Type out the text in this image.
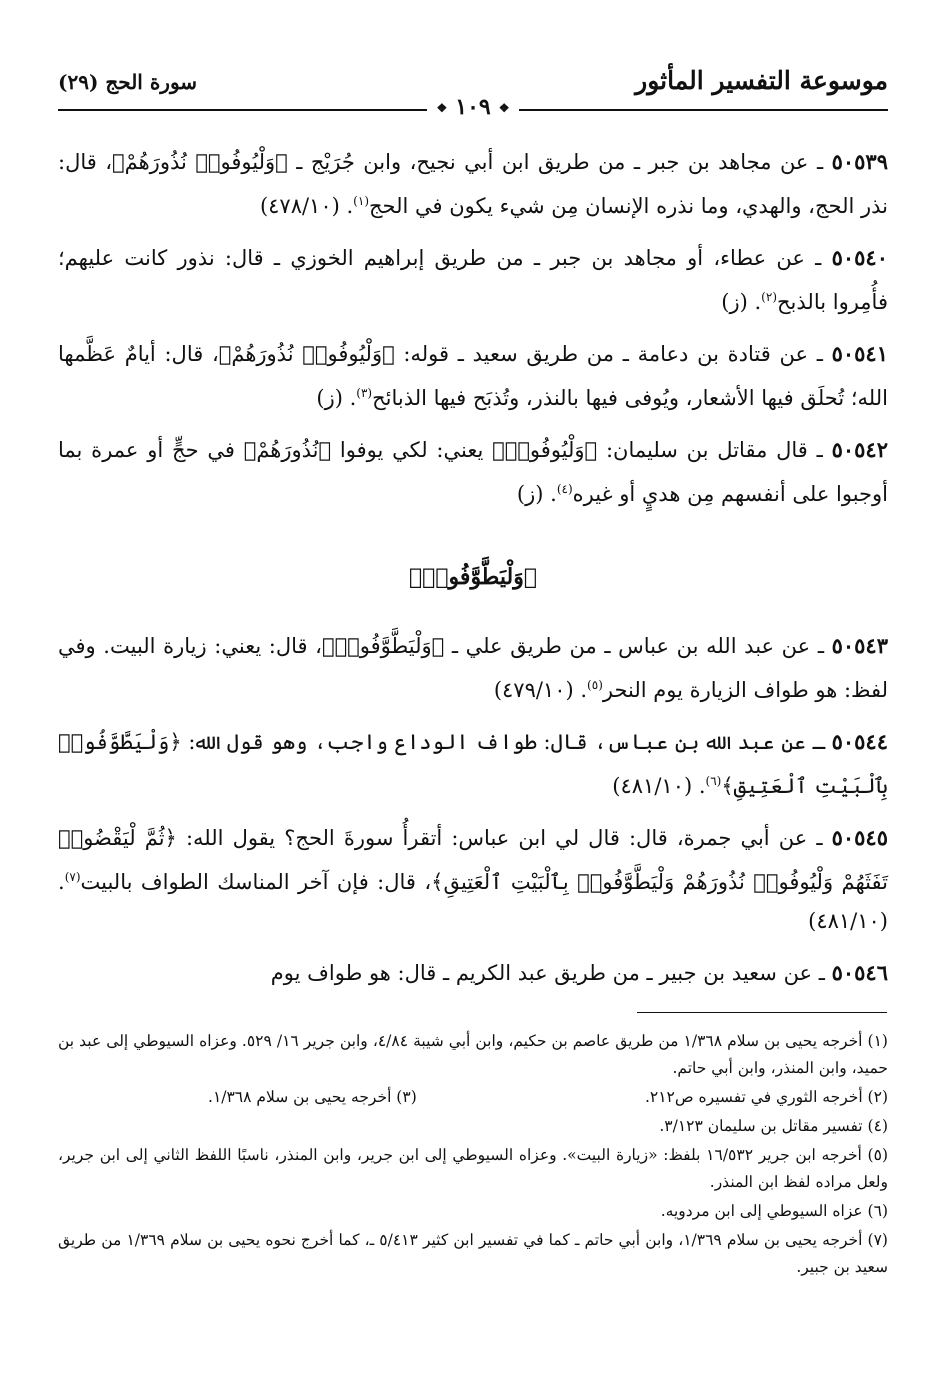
موسوعة التفسير المأثور
سورة الحج (٢٩)
❖ ١٠٩ ❖

٥٠٥٣٩ ـ عن مجاهد بن جبر ـ من طريق ابن أبي نجيح، وابن جُرَيْج ـ ﴿وَلْيُوفُوا۟ نُذُورَهُمْ﴾، قال: نذر الحج، والهدي، وما نذره الإنسان مِن شيء يكون في الحج$^{(١)}$. (٤٧٨/١٠)

٥٠٥٤٠ ـ عن عطاء، أو مجاهد بن جبر ـ من طريق إبراهيم الخوزي ـ قال: نذور كانت عليهم؛ فأُمِروا بالذبح$^{(٢)}$. (ز)

٥٠٥٤١ ـ عن قتادة بن دعامة ـ من طريق سعيد ـ قوله: ﴿وَلْيُوفُوا۟ نُذُورَهُمْ﴾، قال: أيامٌ عَظَّمها الله؛ تُحلَق فيها الأشعار، ويُوفى فيها بالنذر، وتُذبَح فيها الذبائح$^{(٣)}$. (ز)

٥٠٥٤٢ ـ قال مقاتل بن سليمان: ﴿وَلْيُوفُوا۟﴾ يعني: لكي يوفوا ﴿نُذُورَهُمْ﴾ في حجٍّ أو عمرة بما أوجبوا على أنفسهم مِن هديٍ أو غيره$^{(٤)}$. (ز)

﴿وَلْيَطَّوَّفُوا۟﴾

٥٠٥٤٣ ـ عن عبد الله بن عباس ـ من طريق علي ـ ﴿وَلْيَطَّوَّفُوا۟﴾، قال: يعني: زيارة البيت. وفي لفظ: هو طواف الزيارة يوم النحر$^{(٥)}$. (٤٧٩/١٠)

٥٠٥٤٤ ـ عن عبد الله بن عباس، قال: طواف الوداع واجب، وهو قول الله: ﴿وَلْيَطَّوَّفُوا۟ بِٱلْبَيْتِ ٱلْعَتِيقِ﴾$^{(٦)}$. (٤٨١/١٠)

٥٠٥٤٥ ـ عن أبي جمرة، قال: قال لي ابن عباس: أتقرأُ سورةَ الحج؟ يقول الله: ﴿ثُمَّ لْيَقْضُوا۟ تَفَثَهُمْ وَلْيُوفُوا۟ نُذُورَهُمْ وَلْيَطَّوَّفُوا۟ بِٱلْبَيْتِ ٱلْعَتِيقِ﴾، قال: فإن آخر المناسك الطواف بالبيت$^{(٧)}$. (٤٨١/١٠)

٥٠٥٤٦ ـ عن سعيد بن جبير ـ من طريق عبد الكريم ـ قال: هو طواف يوم

(١) أخرجه يحيى بن سلام ١/٣٦٨ من طريق عاصم بن حكيم، وابن أبي شيبة ٤/٨٤، وابن جرير ١٦/ ٥٢٩. وعزاه السيوطي إلى عبد بن حميد، وابن المنذر، وابن أبي حاتم.
(٢) أخرجه الثوري في تفسيره ص٢١٢.
(٣) أخرجه يحيى بن سلام ١/٣٦٨.
(٤) تفسير مقاتل بن سليمان ٣/١٢٣.
(٥) أخرجه ابن جرير ١٦/٥٣٢ بلفظ: «زيارة البيت». وعزاه السيوطي إلى ابن جرير، وابن المنذر، ناسبًا اللفظ الثاني إلى ابن جرير، ولعل مراده لفظ ابن المنذر.
(٦) عزاه السيوطي إلى ابن مردويه.
(٧) أخرجه يحيى بن سلام ١/٣٦٩، وابن أبي حاتم ـ كما في تفسير ابن كثير ٥/٤١٣ ـ، كما أخرج نحوه يحيى بن سلام ١/٣٦٩ من طريق سعيد بن جبير.
